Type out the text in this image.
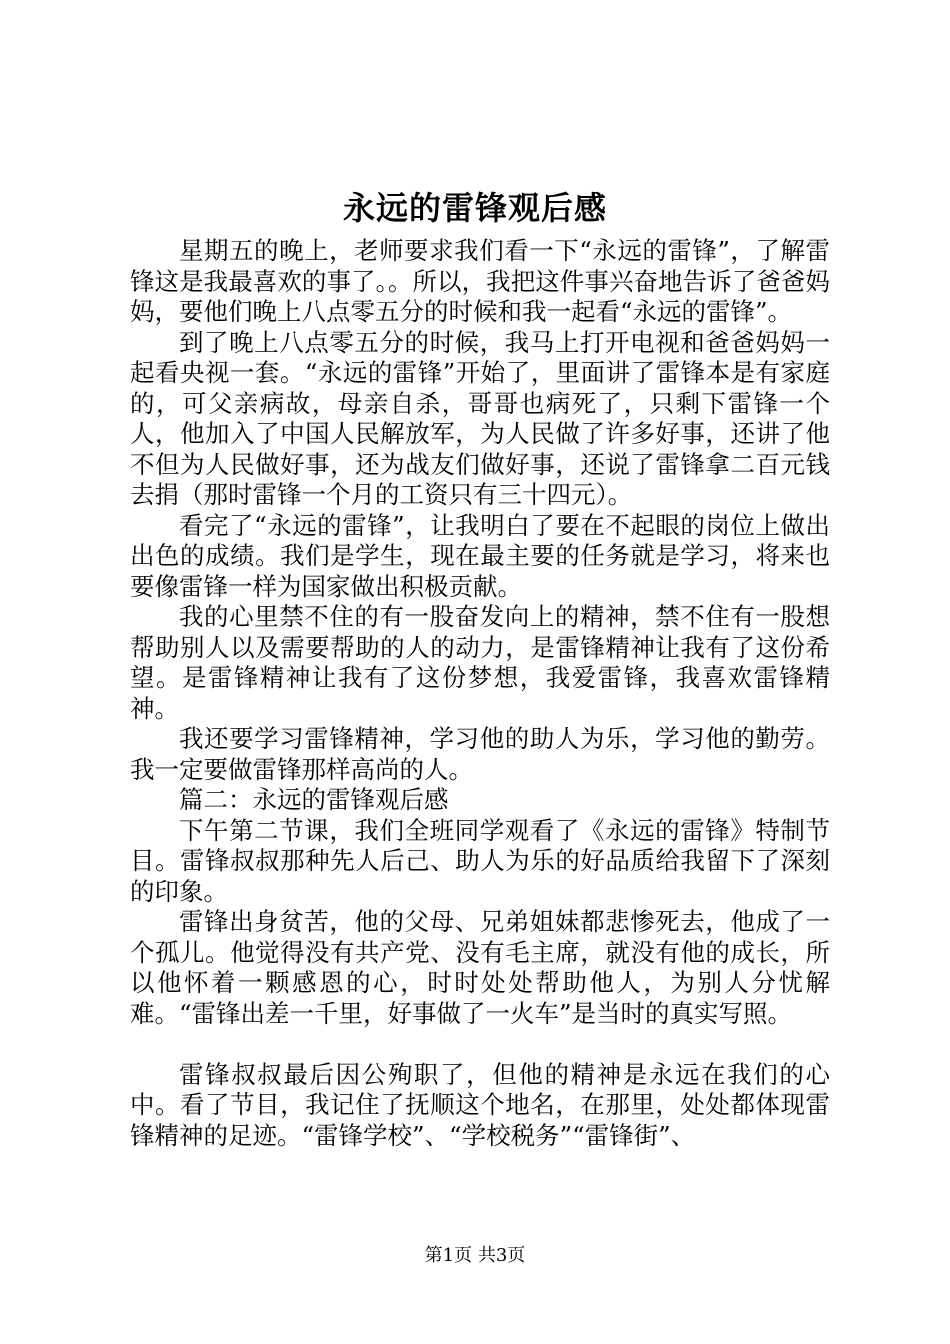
永远的雷锋观后感

星期五的晚上，老师要求我们看一下“永远的雷锋”，了解雷锋这是我最喜欢的事了。。所以，我把这件事兴奋地告诉了爸爸妈妈，要他们晚上八点零五分的时候和我一起看“永远的雷锋”。

到了晚上八点零五分的时候，我马上打开电视和爸爸妈妈一起看央视一套。“永远的雷锋”开始了，里面讲了雷锋本是有家庭的，可父亲病故，母亲自杀，哥哥也病死了，只剩下雷锋一个人，他加入了中国人民解放军，为人民做了许多好事，还讲了他不但为人民做好事，还为战友们做好事，还说了雷锋拿二百元钱去捐（那时雷锋一个月的工资只有三十四元）。

看完了“永远的雷锋”，让我明白了要在不起眼的岗位上做出出色的成绩。我们是学生，现在最主要的任务就是学习，将来也要像雷锋一样为国家做出积极贡献。

我的心里禁不住的有一股奋发向上的精神，禁不住有一股想帮助别人以及需要帮助的人的动力，是雷锋精神让我有了这份希望。是雷锋精神让我有了这份梦想，我爱雷锋，我喜欢雷锋精神。

我还要学习雷锋精神，学习他的助人为乐，学习他的勤劳。我一定要做雷锋那样高尚的人。

篇二：永远的雷锋观后感

下午第二节课，我们全班同学观看了《永远的雷锋》特制节目。雷锋叔叔那种先人后己、助人为乐的好品质给我留下了深刻的印象。

雷锋出身贫苦，他的父母、兄弟姐妹都悲惨死去，他成了一个孤儿。他觉得没有共产党、没有毛主席，就没有他的成长，所以他怀着一颗感恩的心，时时处处帮助他人，为别人分忧解难。“雷锋出差一千里，好事做了一火车”是当时的真实写照。

雷锋叔叔最后因公殉职了，但他的精神是永远在我们的心中。看了节目，我记住了抚顺这个地名，在那里，处处都体现雷锋精神的足迹。“雷锋学校”、“学校税务”“雷锋街”、

第1页 共3页
